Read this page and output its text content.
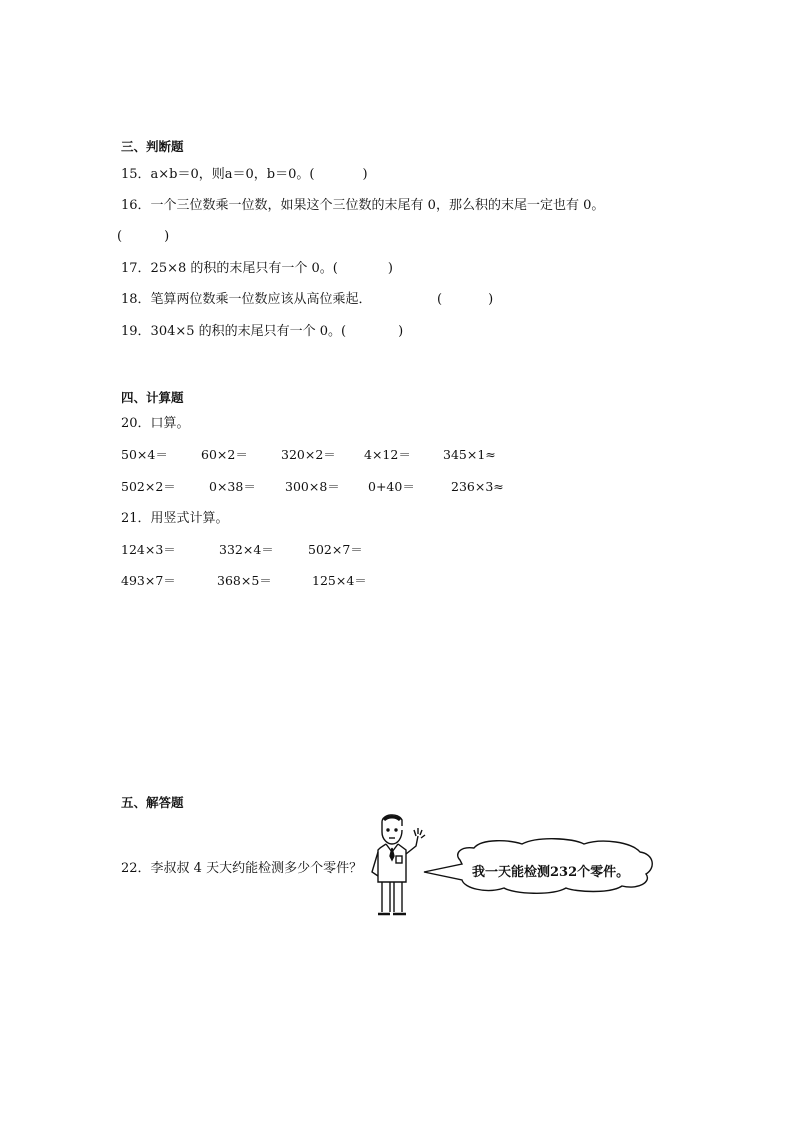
三、判断题
15．a×b＝0，则a＝0，b＝0。(	)
16．一个三位数乘一位数，如果这个三位数的末尾有 0，那么积的末尾一定也有 0。
(	)
17．25×8 的积的末尾只有一个 0。(	)
18．笔算两位数乘一位数应该从高位乘起．	(	)
19．304×5 的积的末尾只有一个 0。(	)
四、计算题
20．口算。
50×4＝	60×2＝	320×2＝ 4×12＝	345×1≈
502×2＝	0×38＝ 300×8＝ 0+40＝	236×3≈
21．用竖式计算。
124×3＝	332×4＝	502×7＝
493×7＝	368×5＝	125×4＝
五、解答题
22．李叔叔 4 天大约能检测多少个零件？	我一天能检测232个零件。
